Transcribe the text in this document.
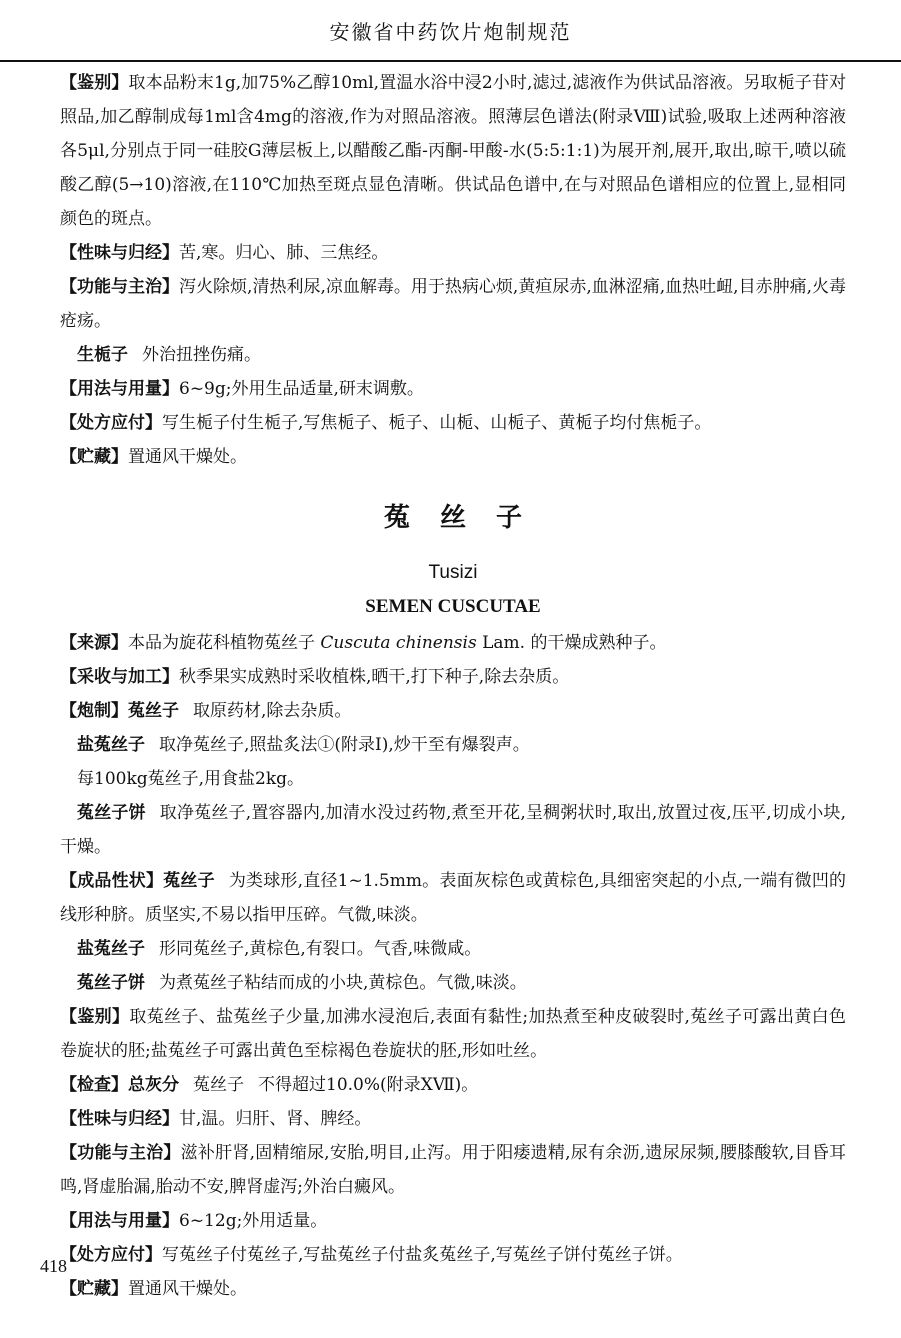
安徽省中药饮片炮制规范

【鉴别】取本品粉末1g,加75%乙醇10ml,置温水浴中浸2小时,滤过,滤液作为供试品溶液。另取栀子苷对照品,加乙醇制成每1ml含4mg的溶液,作为对照品溶液。照薄层色谱法(附录Ⅷ)试验,吸取上述两种溶液各5μl,分别点于同一硅胶G薄层板上,以醋酸乙酯-丙酮-甲酸-水(5:5:1:1)为展开剂,展开,取出,晾干,喷以硫酸乙醇(5→10)溶液,在110℃加热至斑点显色清晰。供试品色谱中,在与对照品色谱相应的位置上,显相同颜色的斑点。

【性味与归经】苦,寒。归心、肺、三焦经。

【功能与主治】泻火除烦,清热利尿,凉血解毒。用于热病心烦,黄疸尿赤,血淋涩痛,血热吐衄,目赤肿痛,火毒疮疡。

生栀子 外治扭挫伤痛。

【用法与用量】6~9g;外用生品适量,研末调敷。

【处方应付】写生栀子付生栀子,写焦栀子、栀子、山栀、山栀子、黄栀子均付焦栀子。

【贮藏】置通风干燥处。

菟丝子
Tusizi
SEMEN CUSCUTAE

【来源】本品为旋花科植物菟丝子 Cuscuta chinensis Lam. 的干燥成熟种子。

【采收与加工】秋季果实成熟时采收植株,晒干,打下种子,除去杂质。

【炮制】菟丝子 取原药材,除去杂质。

盐菟丝子 取净菟丝子,照盐炙法①(附录Ⅰ),炒干至有爆裂声。

每100kg菟丝子,用食盐2kg。

菟丝子饼 取净菟丝子,置容器内,加清水没过药物,煮至开花,呈稠粥状时,取出,放置过夜,压平,切成小块,干燥。

【成品性状】菟丝子 为类球形,直径1~1.5mm。表面灰棕色或黄棕色,具细密突起的小点,一端有微凹的线形种脐。质坚实,不易以指甲压碎。气微,味淡。

盐菟丝子 形同菟丝子,黄棕色,有裂口。气香,味微咸。

菟丝子饼 为煮菟丝子粘结而成的小块,黄棕色。气微,味淡。

【鉴别】取菟丝子、盐菟丝子少量,加沸水浸泡后,表面有黏性;加热煮至种皮破裂时,菟丝子可露出黄白色卷旋状的胚;盐菟丝子可露出黄色至棕褐色卷旋状的胚,形如吐丝。

【检查】总灰分 菟丝子 不得超过10.0%(附录ⅩⅦ)。

【性味与归经】甘,温。归肝、肾、脾经。

【功能与主治】滋补肝肾,固精缩尿,安胎,明目,止泻。用于阳痿遗精,尿有余沥,遗尿尿频,腰膝酸软,目昏耳鸣,肾虚胎漏,胎动不安,脾肾虚泻;外治白癜风。

【用法与用量】6~12g;外用适量。

【处方应付】写菟丝子付菟丝子,写盐菟丝子付盐炙菟丝子,写菟丝子饼付菟丝子饼。

【贮藏】置通风干燥处。

418
